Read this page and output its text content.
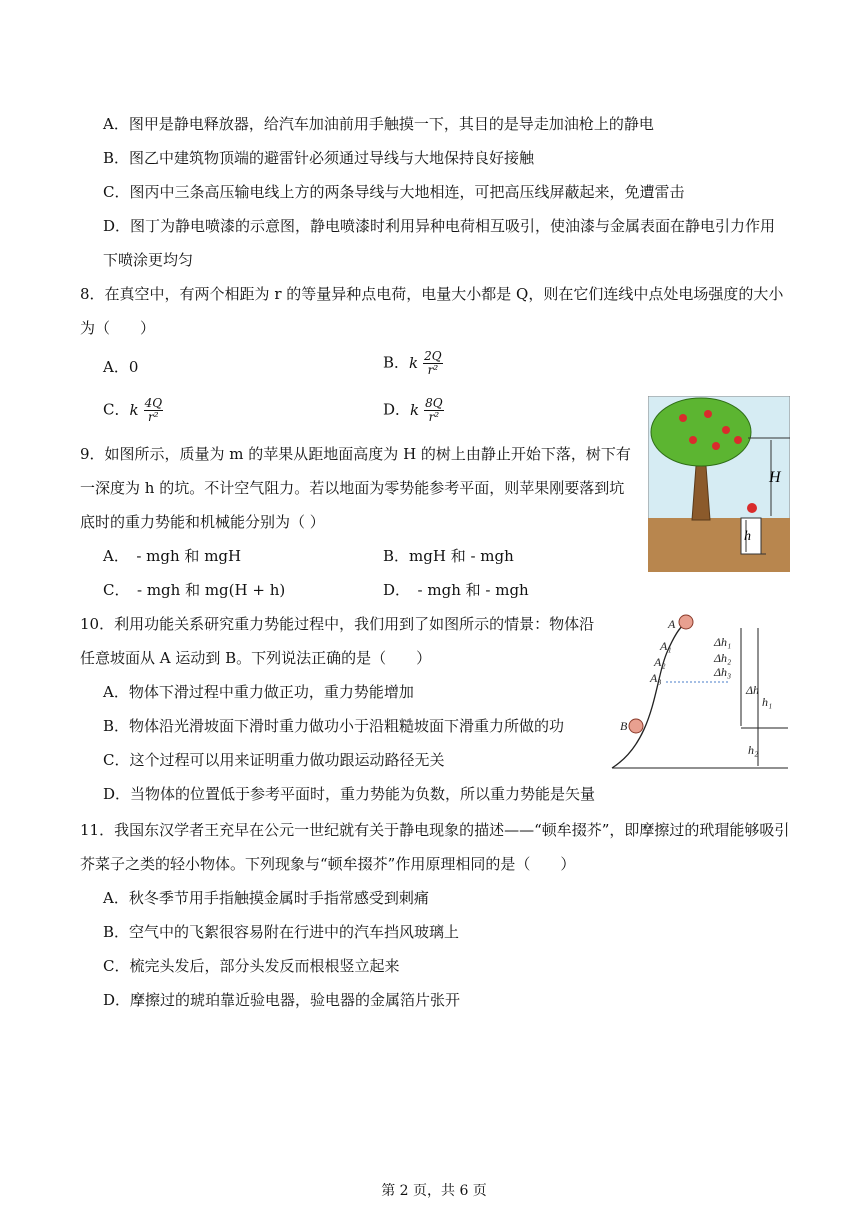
A．图甲是静电释放器，给汽车加油前用手触摸一下，其目的是导走加油枪上的静电
B．图乙中建筑物顶端的避雷针必须通过导线与大地保持良好接触
C．图丙中三条高压输电线上方的两条导线与大地相连，可把高压线屏蔽起来，免遭雷击
D．图丁为静电喷漆的示意图，静电喷漆时利用异种电荷相互吸引，使油漆与金属表面在静电引力作用
下喷涂更均匀
8．在真空中，有两个相距为 r 的等量异种点电荷，电量大小都是 Q，则在它们连线中点处电场强度的大小
为（　　）
A．0	B．k $\frac{2Q}{\text{r²}}$
C．k $\frac{4Q}{\text{r²}}$	D．k $\frac{8Q}{\text{r²}}$
9．如图所示，质量为 m 的苹果从距地面高度为 H 的树上由静止开始下落，树下有
一深度为 h 的坑。不计空气阻力。若以地面为零势能参考平面，则苹果刚要落到坑
底时的重力势能和机械能分别为（ ）
A．　- mgh 和 mgH	B．mgH 和 - mgh
C．　- mgh 和 mg(H + h)	D．　- mgh 和 - mgh
H
h
10．利用功能关系研究重力势能过程中，我们用到了如图所示的情景：物体沿
任意坡面从 A 运动到 B。下列说法正确的是（　　）
A．物体下滑过程中重力做正功，重力势能增加
B．物体沿光滑坡面下滑时重力做功小于沿粗糙坡面下滑重力所做的功
C．这个过程可以用来证明重力做功跟运动路径无关
D．当物体的位置低于参考平面时，重力势能为负数，所以重力势能是矢量
A
A₁
A₂
A₃
B
Δh₁
Δh₂
Δh₃
Δh
h₁
h₂
11．我国东汉学者王充早在公元一世纪就有关于静电现象的描述——“顿牟掇芥”，即摩擦过的玳瑁能够吸引
芥菜子之类的轻小物体。下列现象与“顿牟掇芥”作用原理相同的是（　　）
A．秋冬季节用手指触摸金属时手指常感受到刺痛
B．空气中的飞絮很容易附在行进中的汽车挡风玻璃上
C．梳完头发后，部分头发反而根根竖立起来
D．摩擦过的琥珀靠近验电器，验电器的金属箔片张开
第 2 页，共 6 页
